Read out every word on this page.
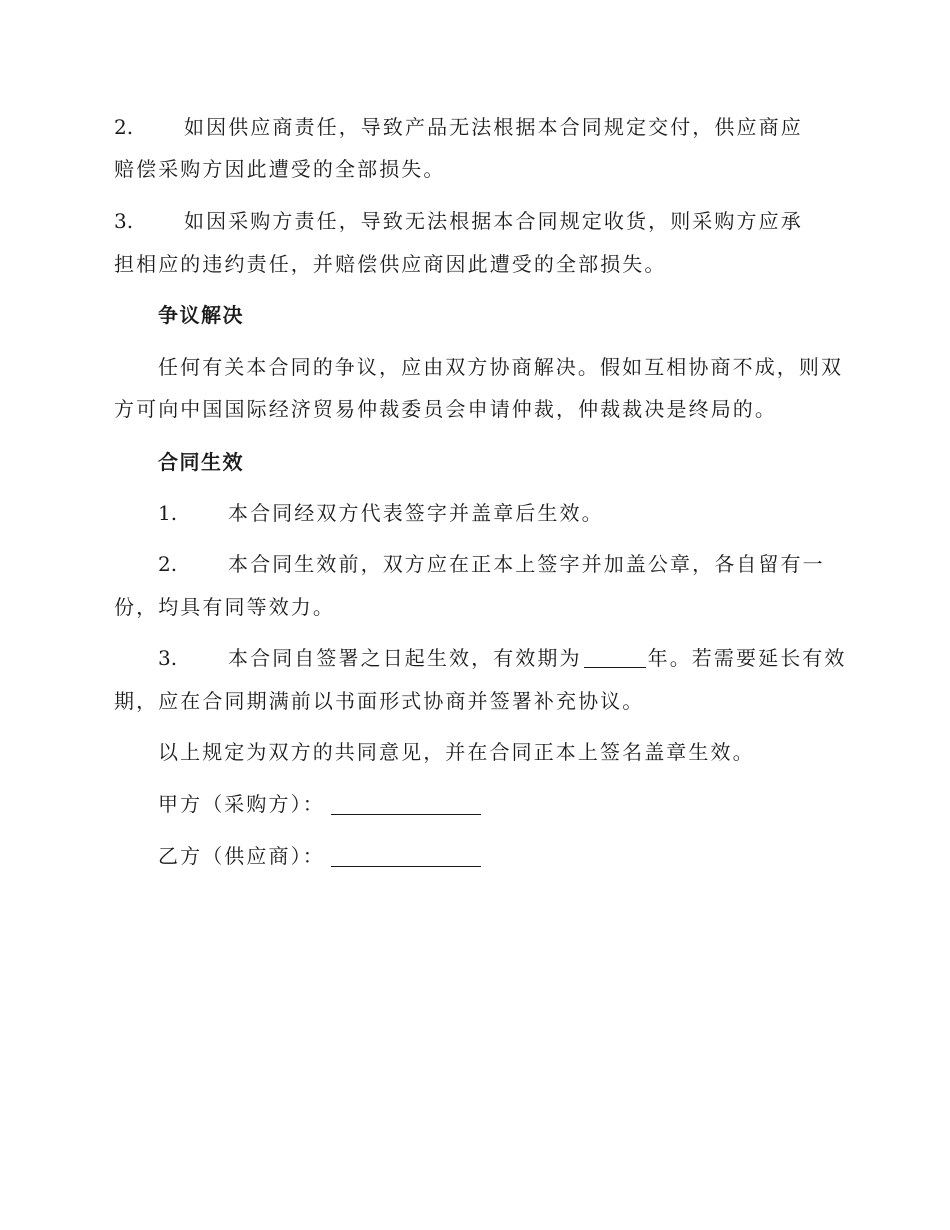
2.	如因供应商责任，导致产品无法根据本合同规定交付，供应商应
赔偿采购方因此遭受的全部损失。
3.	如因采购方责任，导致无法根据本合同规定收货，则采购方应承
担相应的违约责任，并赔偿供应商因此遭受的全部损失。
争议解决
任何有关本合同的争议，应由双方协商解决。假如互相协商不成，则双
方可向中国国际经济贸易仲裁委员会申请仲裁，仲裁裁决是终局的。
合同生效
1.	本合同经双方代表签字并盖章后生效。
2.	本合同生效前，双方应在正本上签字并加盖公章，各自留有一
份，均具有同等效力。
3.	本合同自签署之日起生效，有效期为	年。若需要延长有效
期，应在合同期满前以书面形式协商并签署补充协议。
以上规定为双方的共同意见，并在合同正本上签名盖章生效。
甲方（采购方）：
乙方（供应商）：
